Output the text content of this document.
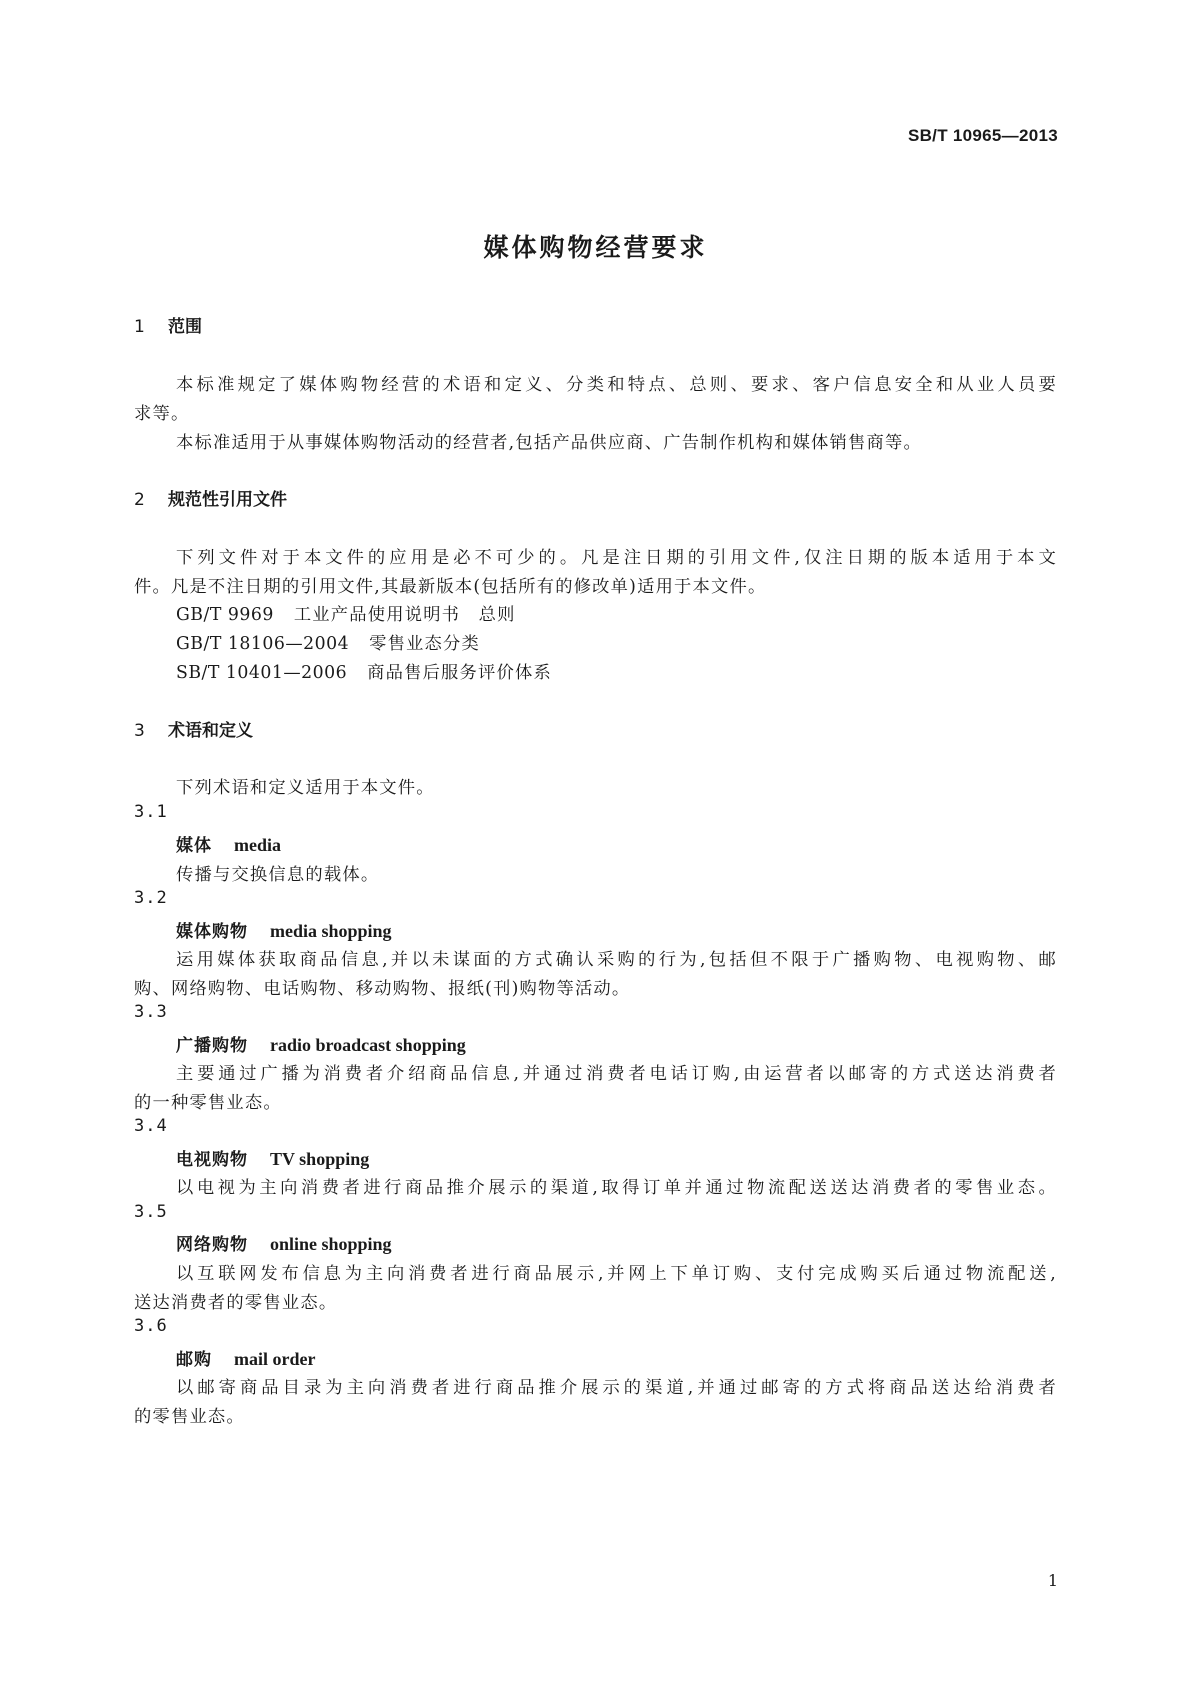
SB/T 10965—2013
媒体购物经营要求
1 范围
本标准规定了媒体购物经营的术语和定义、分类和特点、总则、要求、客户信息安全和从业人员要
求等。
本标准适用于从事媒体购物活动的经营者,包括产品供应商、广告制作机构和媒体销售商等。
2 规范性引用文件
下列文件对于本文件的应用是必不可少的。凡是注日期的引用文件,仅注日期的版本适用于本文
件。凡是不注日期的引用文件,其最新版本(包括所有的修改单)适用于本文件。
GB/T 9969 工业产品使用说明书　总则
GB/T 18106—2004 零售业态分类
SB/T 10401—2006 商品售后服务评价体系
3 术语和定义
下列术语和定义适用于本文件。
3.1
媒体 media
传播与交换信息的载体。
3.2
媒体购物 media shopping
运用媒体获取商品信息,并以未谋面的方式确认采购的行为,包括但不限于广播购物、电视购物、邮
购、网络购物、电话购物、移动购物、报纸(刊)购物等活动。
3.3
广播购物 radio broadcast shopping
主要通过广播为消费者介绍商品信息,并通过消费者电话订购,由运营者以邮寄的方式送达消费者
的一种零售业态。
3.4
电视购物 TV shopping
以电视为主向消费者进行商品推介展示的渠道,取得订单并通过物流配送送达消费者的零售业态。
3.5
网络购物 online shopping
以互联网发布信息为主向消费者进行商品展示,并网上下单订购、支付完成购买后通过物流配送,
送达消费者的零售业态。
3.6
邮购 mail order
以邮寄商品目录为主向消费者进行商品推介展示的渠道,并通过邮寄的方式将商品送达给消费者
的零售业态。
1
